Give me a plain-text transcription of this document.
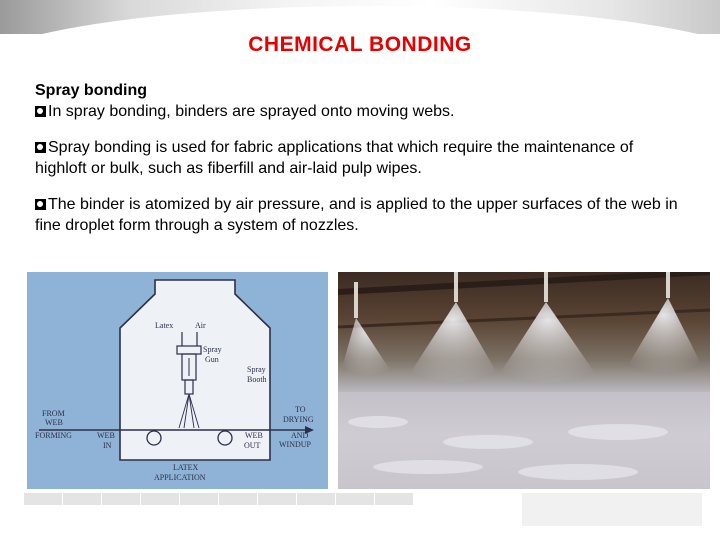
CHEMICAL BONDING
Spray bonding

In spray bonding, binders are sprayed onto moving webs.

Spray bonding is used for fabric applications that which require the maintenance of highloft or bulk, such as fiberfill and air-laid pulp wipes.

The binder is atomized by air pressure, and is applied to the upper surfaces of the web in fine droplet form through a system of nozzles.

Latex	Air
Spray
Gun
Spray
Booth
FROM
WEB
FORMING	WEB
IN
WEB
OUT
TO
DRYING
AND
WINDUP
LATEX
APPLICATION
